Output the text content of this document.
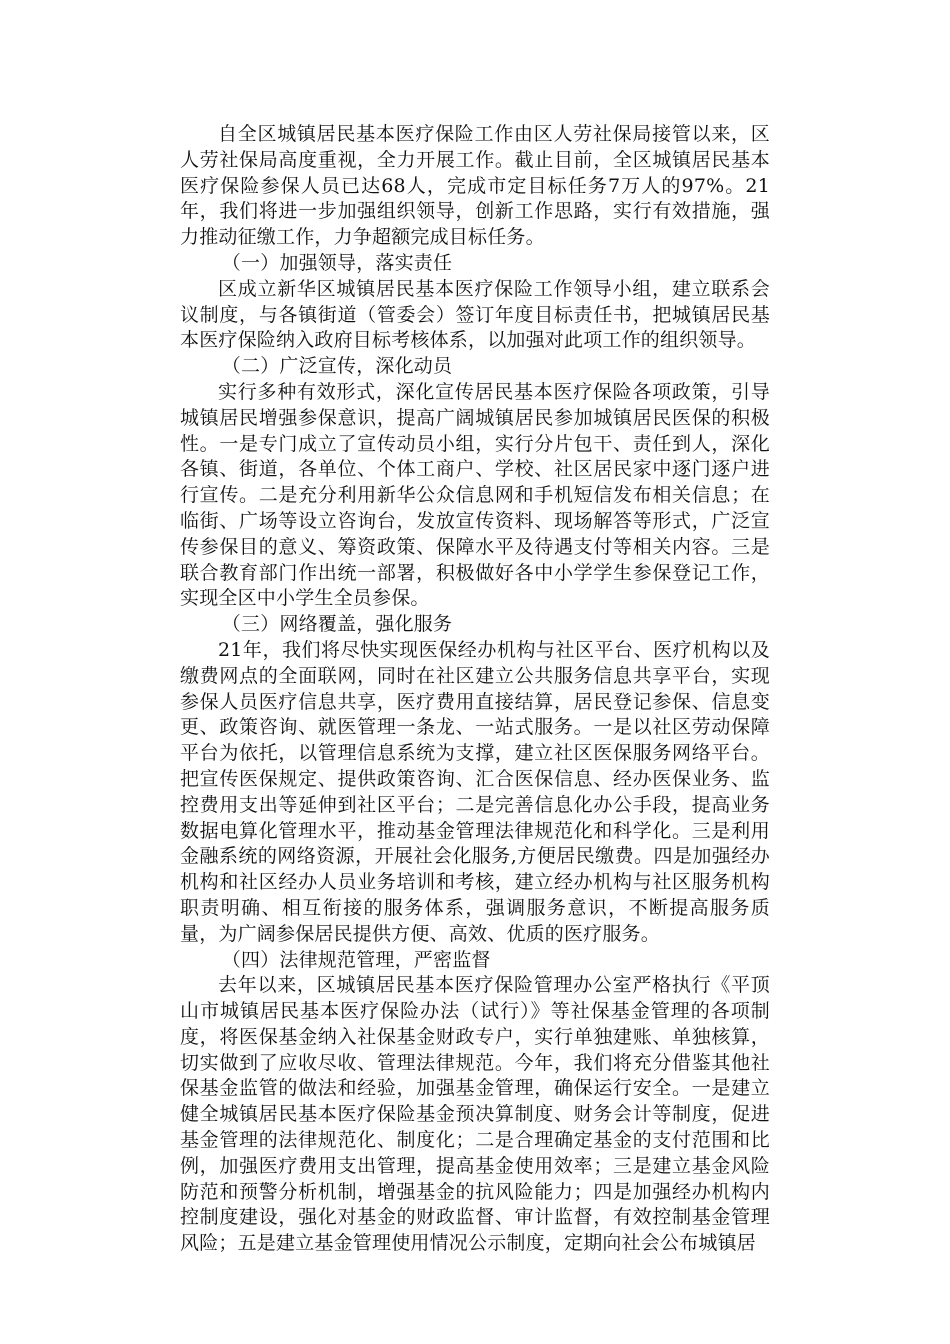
自全区城镇居民基本医疗保险工作由区人劳社保局接管以来，区人劳社保局高度重视，全力开展工作。截止目前，全区城镇居民基本医疗保险参保人员已达68人，完成市定目标任务7万人的97%。21年，我们将进一步加强组织领导，创新工作思路，实行有效措施，强力推动征缴工作，力争超额完成目标任务。

（一）加强领导，落实责任

区成立新华区城镇居民基本医疗保险工作领导小组，建立联系会议制度，与各镇街道（管委会）签订年度目标责任书，把城镇居民基本医疗保险纳入政府目标考核体系，以加强对此项工作的组织领导。

（二）广泛宣传，深化动员

实行多种有效形式，深化宣传居民基本医疗保险各项政策，引导城镇居民增强参保意识，提高广阔城镇居民参加城镇居民医保的积极性。一是专门成立了宣传动员小组，实行分片包干、责任到人，深化各镇、街道，各单位、个体工商户、学校、社区居民家中逐门逐户进行宣传。二是充分利用新华公众信息网和手机短信发布相关信息；在临街、广场等设立咨询台，发放宣传资料、现场解答等形式，广泛宣传参保目的意义、筹资政策、保障水平及待遇支付等相关内容。三是联合教育部门作出统一部署，积极做好各中小学学生参保登记工作，实现全区中小学生全员参保。

（三）网络覆盖，强化服务

21年，我们将尽快实现医保经办机构与社区平台、医疗机构以及缴费网点的全面联网，同时在社区建立公共服务信息共享平台，实现参保人员医疗信息共享，医疗费用直接结算，居民登记参保、信息变更、政策咨询、就医管理一条龙、一站式服务。一是以社区劳动保障平台为依托，以管理信息系统为支撑，建立社区医保服务网络平台。把宣传医保规定、提供政策咨询、汇合医保信息、经办医保业务、监控费用支出等延伸到社区平台；二是完善信息化办公手段，提高业务数据电算化管理水平，推动基金管理法律规范化和科学化。三是利用金融系统的网络资源，开展社会化服务,方便居民缴费。四是加强经办机构和社区经办人员业务培训和考核，建立经办机构与社区服务机构职责明确、相互衔接的服务体系，强调服务意识，不断提高服务质量，为广阔参保居民提供方便、高效、优质的医疗服务。

（四）法律规范管理，严密监督

去年以来，区城镇居民基本医疗保险管理办公室严格执行《平顶山市城镇居民基本医疗保险办法（试行）》等社保基金管理的各项制度，将医保基金纳入社保基金财政专户，实行单独建账、单独核算，切实做到了应收尽收、管理法律规范。今年，我们将充分借鉴其他社保基金监管的做法和经验，加强基金管理，确保运行安全。一是建立健全城镇居民基本医疗保险基金预决算制度、财务会计等制度，促进基金管理的法律规范化、制度化；二是合理确定基金的支付范围和比例，加强医疗费用支出管理，提高基金使用效率；三是建立基金风险防范和预警分析机制，增强基金的抗风险能力；四是加强经办机构内控制度建设，强化对基金的财政监督、审计监督，有效控制基金管理风险；五是建立基金管理使用情况公示制度，定期向社会公布城镇居
